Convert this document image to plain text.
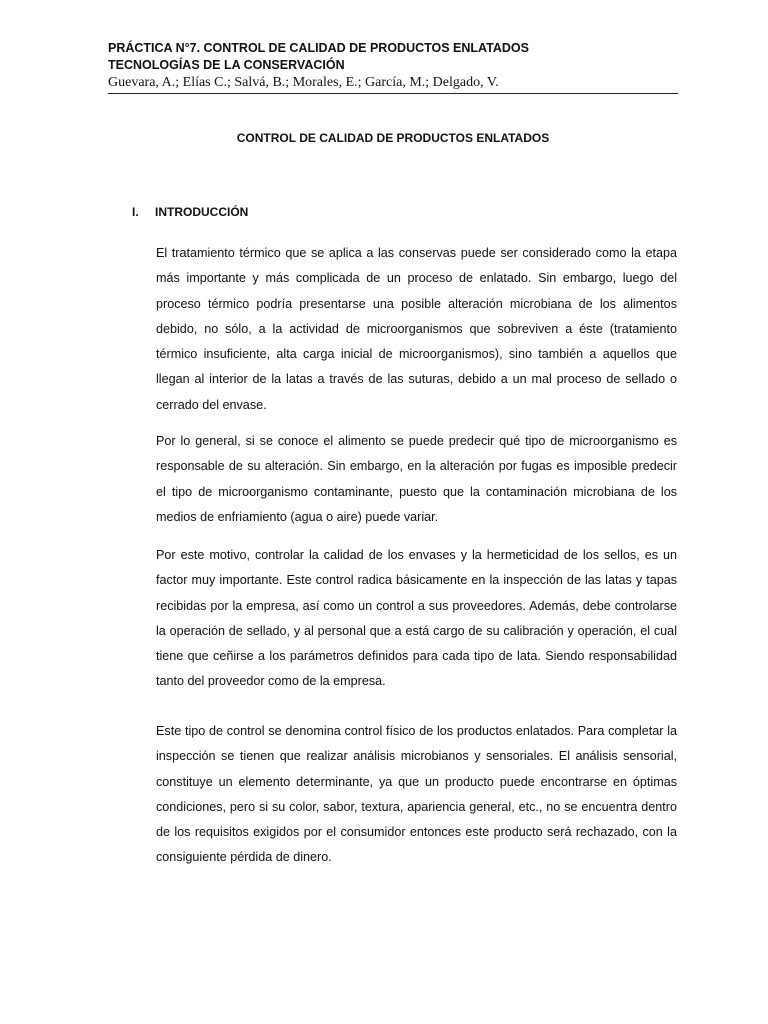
PRÁCTICA N°7. CONTROL DE CALIDAD DE PRODUCTOS ENLATADOS
TECNOLOGÍAS DE LA CONSERVACIÓN
Guevara, A.; Elías C.; Salvá, B.; Morales, E.; García, M.; Delgado, V.
CONTROL DE CALIDAD DE PRODUCTOS ENLATADOS
I. INTRODUCCIÓN

El tratamiento térmico que se aplica a las conservas puede ser considerado como la etapa más importante y más complicada de un proceso de enlatado. Sin embargo, luego del proceso térmico podría presentarse una posible alteración microbiana de los alimentos debido, no sólo, a la actividad de microorganismos que sobreviven a éste (tratamiento térmico insuficiente, alta carga inicial de microorganismos), sino también a aquellos que llegan al interior de la latas a través de las suturas, debido a un mal proceso de sellado o cerrado del envase.

Por lo general, si se conoce el alimento se puede predecir qué tipo de microorganismo es responsable de su alteración. Sin embargo, en la alteración por fugas es imposible predecir el tipo de microorganismo contaminante, puesto que la contaminación microbiana de los medios de enfriamiento (agua o aire) puede variar.

Por este motivo, controlar la calidad de los envases y la hermeticidad de los sellos, es un factor muy importante. Este control radica básicamente en la inspección de las latas y tapas recibidas por la empresa, así como un control a sus proveedores. Además, debe controlarse la operación de sellado, y al personal que a está cargo de su calibración y operación, el cual tiene que ceñirse a los parámetros definidos para cada tipo de lata. Siendo responsabilidad tanto del proveedor como de la empresa.

Este tipo de control se denomina control físico de los productos enlatados. Para completar la inspección se tienen que realizar análisis microbianos y sensoriales. El análisis sensorial, constituye un elemento determinante, ya que un producto puede encontrarse en óptimas condiciones, pero si su color, sabor, textura, apariencia general, etc., no se encuentra dentro de los requisitos exigidos por el consumidor entonces este producto será rechazado, con la consiguiente pérdida de dinero.
